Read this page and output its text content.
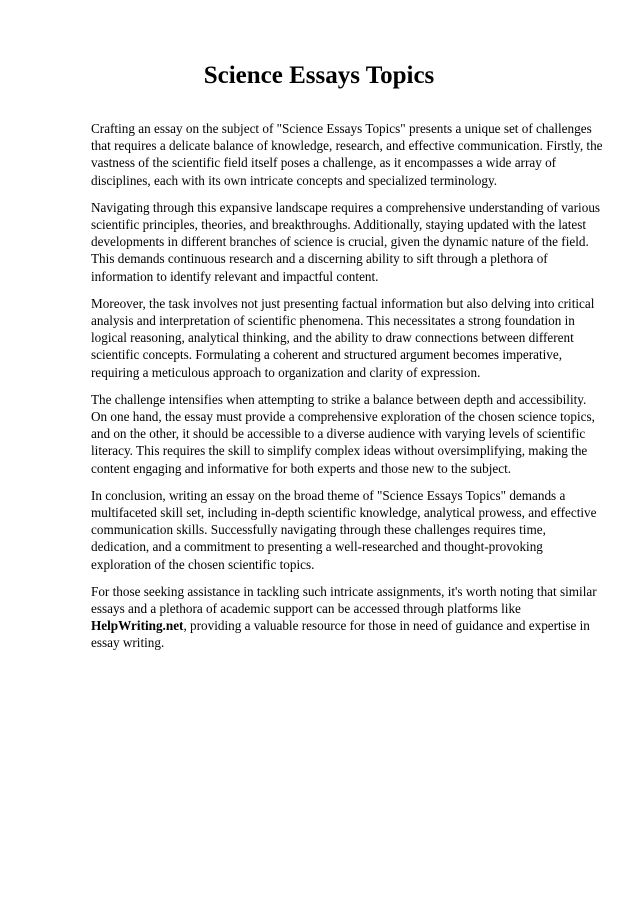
Science Essays Topics

Crafting an essay on the subject of "Science Essays Topics" presents a unique set of challenges that requires a delicate balance of knowledge, research, and effective communication. Firstly, the vastness of the scientific field itself poses a challenge, as it encompasses a wide array of disciplines, each with its own intricate concepts and specialized terminology.

Navigating through this expansive landscape requires a comprehensive understanding of various scientific principles, theories, and breakthroughs. Additionally, staying updated with the latest developments in different branches of science is crucial, given the dynamic nature of the field. This demands continuous research and a discerning ability to sift through a plethora of information to identify relevant and impactful content.

Moreover, the task involves not just presenting factual information but also delving into critical analysis and interpretation of scientific phenomena. This necessitates a strong foundation in logical reasoning, analytical thinking, and the ability to draw connections between different scientific concepts. Formulating a coherent and structured argument becomes imperative, requiring a meticulous approach to organization and clarity of expression.

The challenge intensifies when attempting to strike a balance between depth and accessibility. On one hand, the essay must provide a comprehensive exploration of the chosen science topics, and on the other, it should be accessible to a diverse audience with varying levels of scientific literacy. This requires the skill to simplify complex ideas without oversimplifying, making the content engaging and informative for both experts and those new to the subject.

In conclusion, writing an essay on the broad theme of "Science Essays Topics" demands a multifaceted skill set, including in-depth scientific knowledge, analytical prowess, and effective communication skills. Successfully navigating through these challenges requires time, dedication, and a commitment to presenting a well-researched and thought-provoking exploration of the chosen scientific topics.

For those seeking assistance in tackling such intricate assignments, it's worth noting that similar essays and a plethora of academic support can be accessed through platforms like HelpWriting.net, providing a valuable resource for those in need of guidance and expertise in essay writing.
